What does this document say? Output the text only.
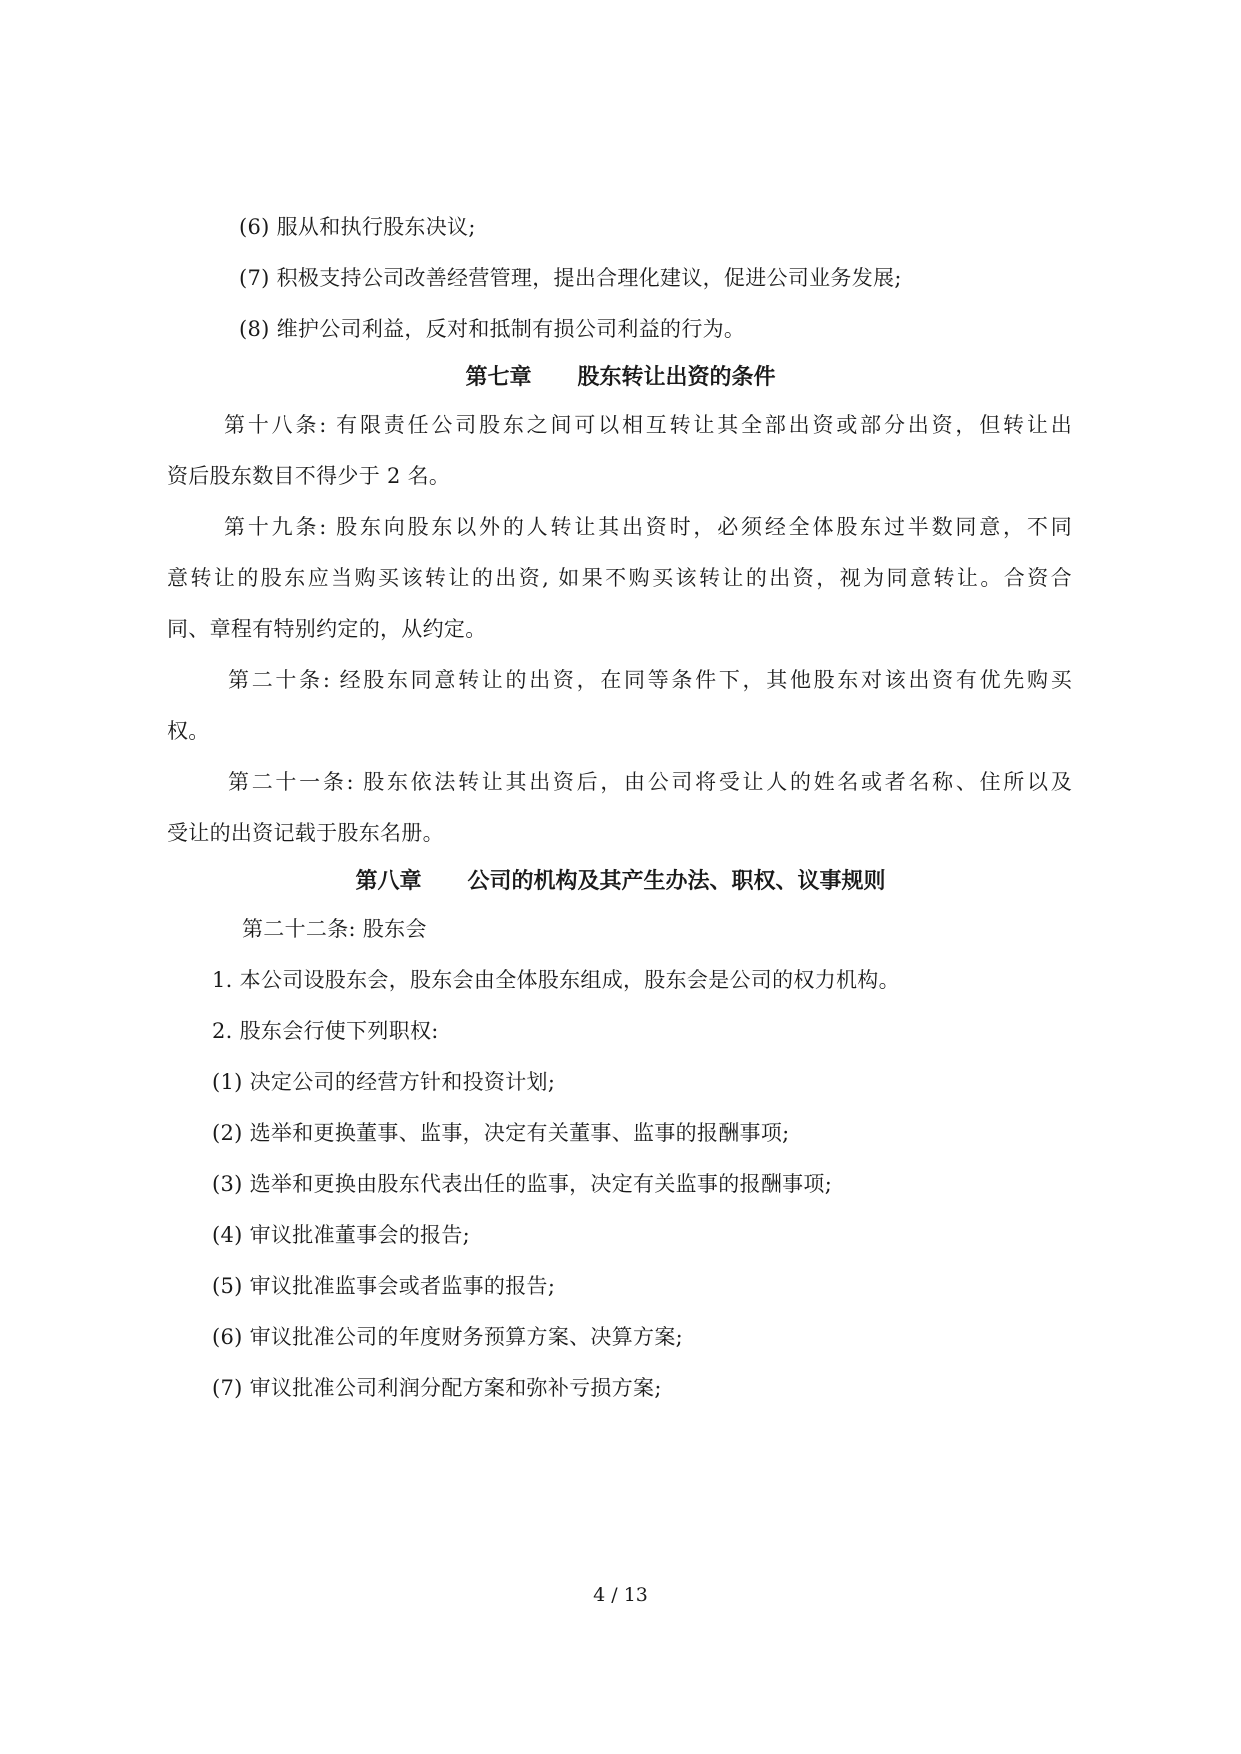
(6) 服从和执行股东决议;
(7) 积极支持公司改善经营管理，提出合理化建议，促进公司业务发展;
(8) 维护公司利益，反对和抵制有损公司利益的行为。
第七章      股东转让出资的条件
第十八条: 有限责任公司股东之间可以相互转让其全部出资或部分出资，但转让出
资后股东数目不得少于 2 名。
第十九条: 股东向股东以外的人转让其出资时，必须经全体股东过半数同意，不同
意转让的股东应当购买该转让的出资, 如果不购买该转让的出资，视为同意转让。合资合
同、章程有特别约定的，从约定。
第二十条: 经股东同意转让的出资，在同等条件下，其他股东对该出资有优先购买
权。
第二十一条: 股东依法转让其出资后，由公司将受让人的姓名或者名称、住所以及
受让的出资记载于股东名册。
第八章      公司的机构及其产生办法、职权、议事规则
第二十二条: 股东会
1. 本公司设股东会，股东会由全体股东组成，股东会是公司的权力机构。
2. 股东会行使下列职权:
(1) 决定公司的经营方针和投资计划;
(2) 选举和更换董事、监事，决定有关董事、监事的报酬事项;
(3) 选举和更换由股东代表出任的监事，决定有关监事的报酬事项;
(4) 审议批准董事会的报告;
(5) 审议批准监事会或者监事的报告;
(6) 审议批准公司的年度财务预算方案、决算方案;
(7) 审议批准公司利润分配方案和弥补亏损方案;
4 / 13
